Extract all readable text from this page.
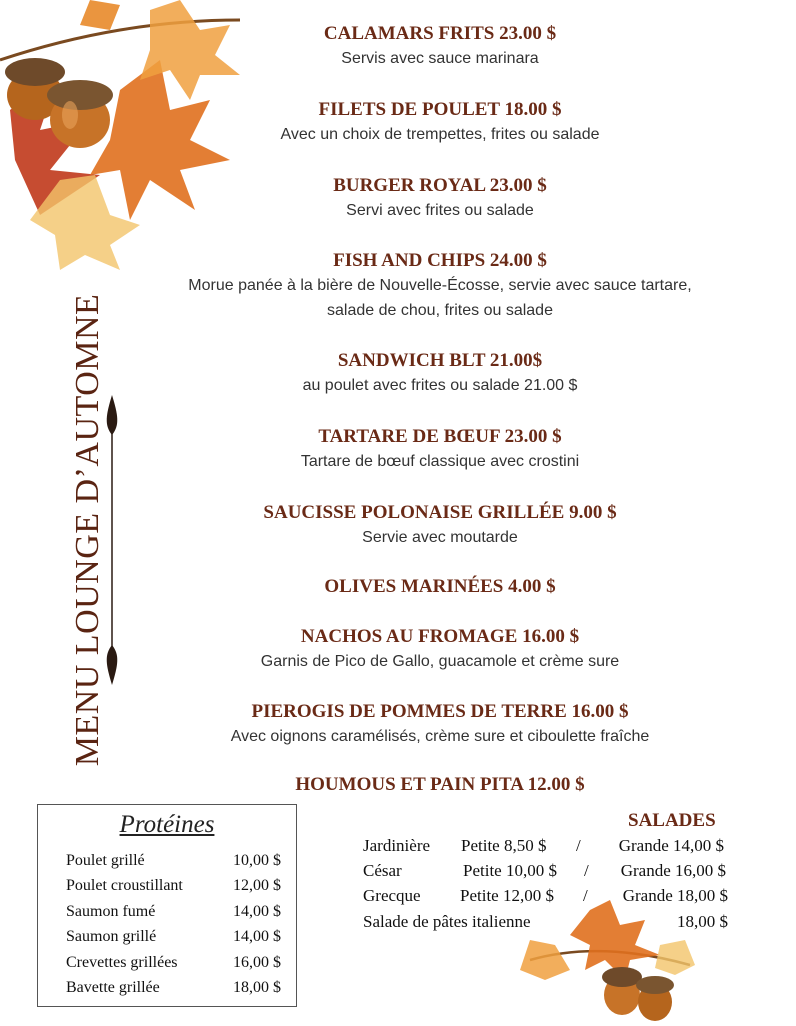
MENU LOUNGE D’AUTOMNE
CALAMARS FRITS 23.00 $
Servis avec sauce marinara
FILETS DE POULET 18.00 $
Avec un choix de trempettes, frites ou salade
BURGER ROYAL 23.00 $
Servi avec frites ou salade
FISH AND CHIPS 24.00 $
Morue panée à la bière de Nouvelle-Écosse, servie avec sauce tartare,
salade de chou, frites ou salade
SANDWICH BLT 21.00$
au poulet avec frites ou salade 21.00 $
TARTARE DE BŒUF 23.00 $
Tartare de bœuf classique avec crostini
SAUCISSE POLONAISE GRILLÉE 9.00 $
Servie avec moutarde
OLIVES MARINÉES 4.00 $
NACHOS AU FROMAGE 16.00 $
Garnis de Pico de Gallo, guacamole et crème sure
PIEROGIS DE POMMES DE TERRE 16.00 $
Avec oignons caramélisés, crème sure et ciboulette fraîche
HOUMOUS ET PAIN PITA 12.00 $
Protéines
Poulet grillé	10,00 $
Poulet croustillant	12,00 $
Saumon fumé	14,00 $
Saumon grillé	14,00 $
Crevettes grillées	16,00 $
Bavette grillée	18,00 $
SALADES
Jardinière Petite 8,50 $ / Grande 14,00 $
César	Petite 10,00 $ / Grande 16,00 $
Grecque Petite 12,00 $ / Grande 18,00 $
Salade de pâtes italienne	18,00 $
